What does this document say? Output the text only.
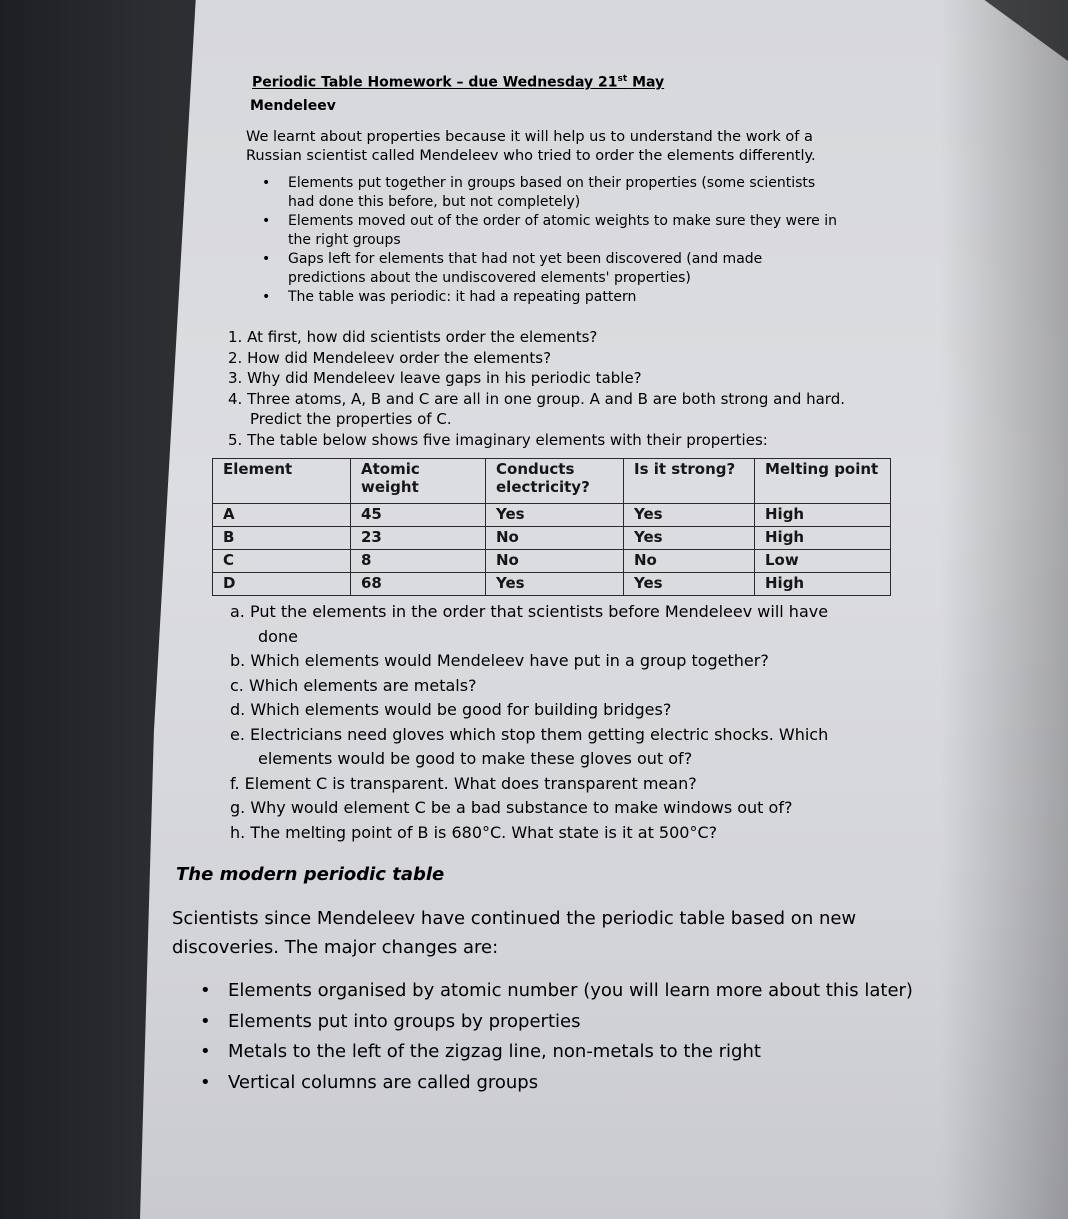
Periodic Table Homework – due Wednesday 21st May
Mendeleev
We learnt about properties because it will help us to understand the work of a Russian scientist called Mendeleev who tried to order the elements differently.
• Elements put together in groups based on their properties (some scientists had done this before, but not completely)
• Elements moved out of the order of atomic weights to make sure they were in the right groups
• Gaps left for elements that had not yet been discovered (and made predictions about the undiscovered elements' properties)
• The table was periodic: it had a repeating pattern
1. At first, how did scientists order the elements?
2. How did Mendeleev order the elements?
3. Why did Mendeleev leave gaps in his periodic table?
4. Three atoms, A, B and C are all in one group. A and B are both strong and hard.
Predict the properties of C.
5. The table below shows five imaginary elements with their properties:
Element	Atomic weight	Conducts electricity?	Is it strong?	Melting point
A	45	Yes	Yes	High
B	23	No	Yes	High
C	8	No	No	Low
D	68	Yes	Yes	High
a. Put the elements in the order that scientists before Mendeleev will have
done
b. Which elements would Mendeleev have put in a group together?
c. Which elements are metals?
d. Which elements would be good for building bridges?
e. Electricians need gloves which stop them getting electric shocks. Which
elements would be good to make these gloves out of?
f. Element C is transparent. What does transparent mean?
g. Why would element C be a bad substance to make windows out of?
h. The melting point of B is 680°C. What state is it at 500°C?
The modern periodic table
Scientists since Mendeleev have continued the periodic table based on new discoveries. The major changes are:
• Elements organised by atomic number (you will learn more about this later)
• Elements put into groups by properties
• Metals to the left of the zigzag line, non-metals to the right
• Vertical columns are called groups
